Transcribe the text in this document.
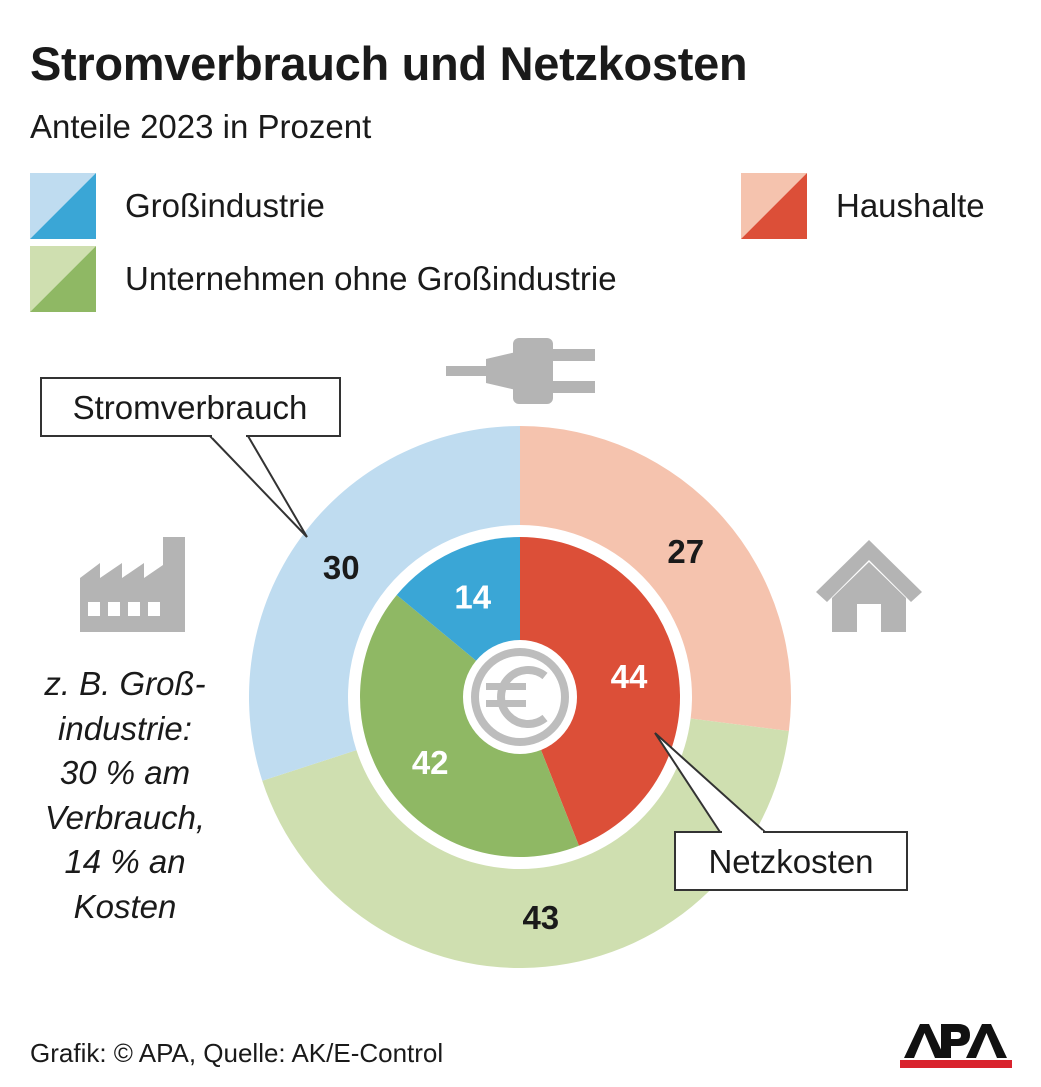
Stromverbrauch und Netzkosten
Anteile 2023 in Prozent
Großindustrie
Unternehmen ohne Großindustrie
Haushalte
27
43
30
44
42
14
Stromverbrauch
Netzkosten
z. B. Groß-
industrie:
30 % am
Verbrauch,
14 % an
Kosten
Grafik: © APA, Quelle: AK/E-Control
